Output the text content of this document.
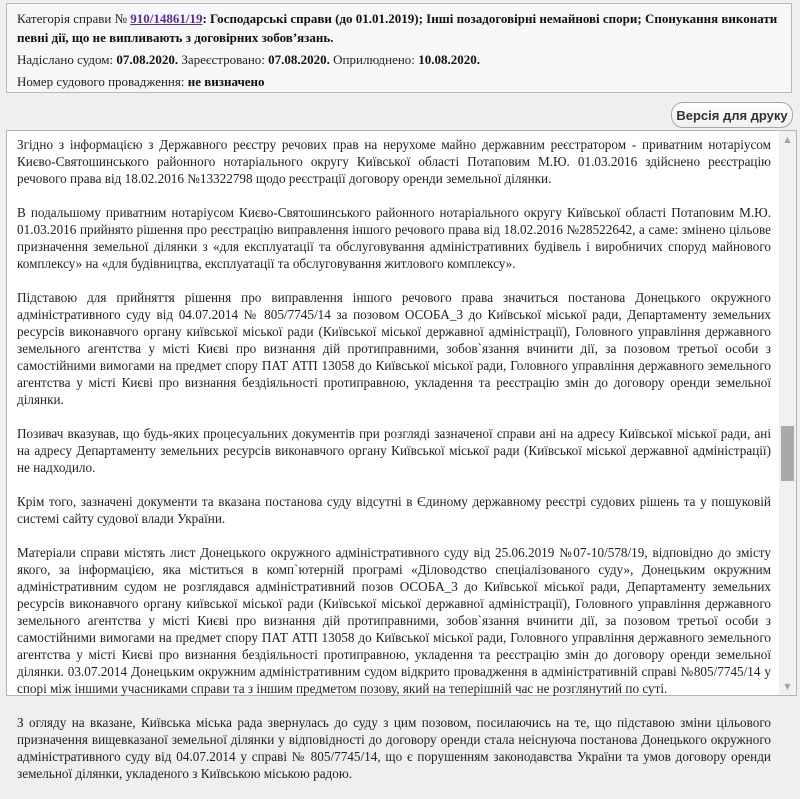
Категорія справи № 910/14861/19: Господарські справи (до 01.01.2019); Інші позадоговірні немайнові спори; Спонукання виконати певні дії, що не випливають з договірних зобов’язань.
Надіслано судом: 07.08.2020. Зареєстровано: 07.08.2020. Оприлюднено: 10.08.2020.
Номер судового провадження: не визначено
Версія для друку

Згідно з інформацією з Державного реєстру речових прав на нерухоме майно державним реєстратором - приватним нотаріусом Києво-Святошинського районного нотаріального округу Київської області Потаповим М.Ю. 01.03.2016 здійснено реєстрацію речового права від 18.02.2016 №13322798 щодо реєстрації договору оренди земельної ділянки.

В подальшому приватним нотаріусом Києво-Святошинського районного нотаріального округу Київської області Потаповим М.Ю. 01.03.2016 прийнято рішення про реєстрацію виправлення іншого речового права від 18.02.2016 №28522642, а саме: змінено цільове призначення земельної ділянки з «для експлуатації та обслуговування адміністративних будівель і виробничих споруд майнового комплексу» на «для будівництва, експлуатації та обслуговування житлового комплексу».

Підставою для прийняття рішення про виправлення іншого речового права значиться постанова Донецького окружного адміністративного суду від 04.07.2014 № 805/7745/14 за позовом ОСОБА_3 до Київської міської ради, Департаменту земельних ресурсів виконавчого органу київської міської ради (Київської міської державної адміністрації), Головного управління державного земельного агентства у місті Києві про визнання дій протиправними, зобов`язання вчинити дії, за позовом третьої особи з самостійними вимогами на предмет спору ПАТ АТП 13058 до Київської міської ради, Головного управління державного земельного агентства у місті Києві про визнання бездіяльності протиправною, укладення та реєстрацію змін до договору оренди земельної ділянки.

Позивач вказував, що будь-яких процесуальних документів при розгляді зазначеної справи ані на адресу Київської міської ради, ані на адресу Департаменту земельних ресурсів виконавчого органу Київської міської ради (Київської міської державної адміністрації) не надходило.

Крім того, зазначені документи та вказана постанова суду відсутні в Єдиному державному реєстрі судових рішень та у пошуковій системі сайту судової влади України.

Матеріали справи містять лист Донецького окружного адміністративного суду від 25.06.2019 №07-10/578/19, відповідно до змісту якого, за інформацією, яка міститься в комп`ютерній програмі «Діловодство спеціалізованого суду», Донецьким окружним адміністративним судом не розглядався адміністративний позов ОСОБА_3 до Київської міської ради, Департаменту земельних ресурсів виконавчого органу київської міської ради (Київської міської державної адміністрації), Головного управління державного земельного агентства у місті Києві про визнання дій протиправними, зобов`язання вчинити дії, за позовом третьої особи з самостійними вимогами на предмет спору ПАТ АТП 13058 до Київської міської ради, Головного управління державного земельного агентства у місті Києві про визнання бездіяльності протиправною, укладення та реєстрацію змін до договору оренди земельної ділянки. 03.07.2014 Донецьким окружним адміністративним судом відкрито провадження в адміністративній справі №805/7745/14 у спорі між іншими учасниками справи та з іншим предметом позову, який на теперішній час не розглянутий по суті.

З огляду на вказане, Київська міська рада звернулась до суду з цим позовом, посилаючись на те, що підставою зміни цільового призначення вищевказаної земельної ділянки у відповідності до договору оренди стала неіснуюча постанова Донецького окружного адміністративного суду від 04.07.2014 у справі № 805/7745/14, що є порушенням законодавства України та умов договору оренди земельної ділянки, укладеного з Київською міською радою.

▲
▼
